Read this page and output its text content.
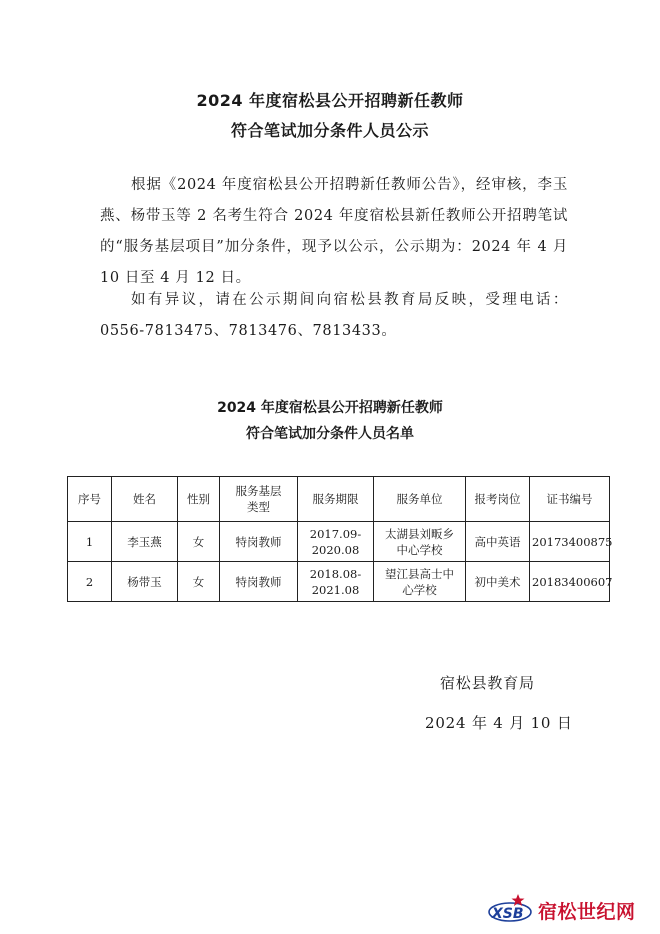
2024 年度宿松县公开招聘新任教师
符合笔试加分条件人员公示

根据《2024 年度宿松县公开招聘新任教师公告》，经审核，李玉燕、杨带玉等 2 名考生符合 2024 年度宿松县新任教师公开招聘笔试的“服务基层项目”加分条件，现予以公示，公示期为：2024 年 4 月 10 日至 4 月 12 日。

如有异议，请在公示期间向宿松县教育局反映，受理电话：0556-7813475、7813476、7813433。

2024 年度宿松县公开招聘新任教师
符合笔试加分条件人员名单
序号	姓名	性别	服务基层类型	服务期限	服务单位	报考岗位	证书编号
1	李玉燕	女	特岗教师	2017.09-2020.08	太湖县刘畈乡中心学校	高中英语	20173400875
2	杨带玉	女	特岗教师	2018.08-2021.08	望江县高士中心学校	初中美术	20183400607
宿松县教育局
2024 年 4 月 10 日
XSB 宿松世纪网
